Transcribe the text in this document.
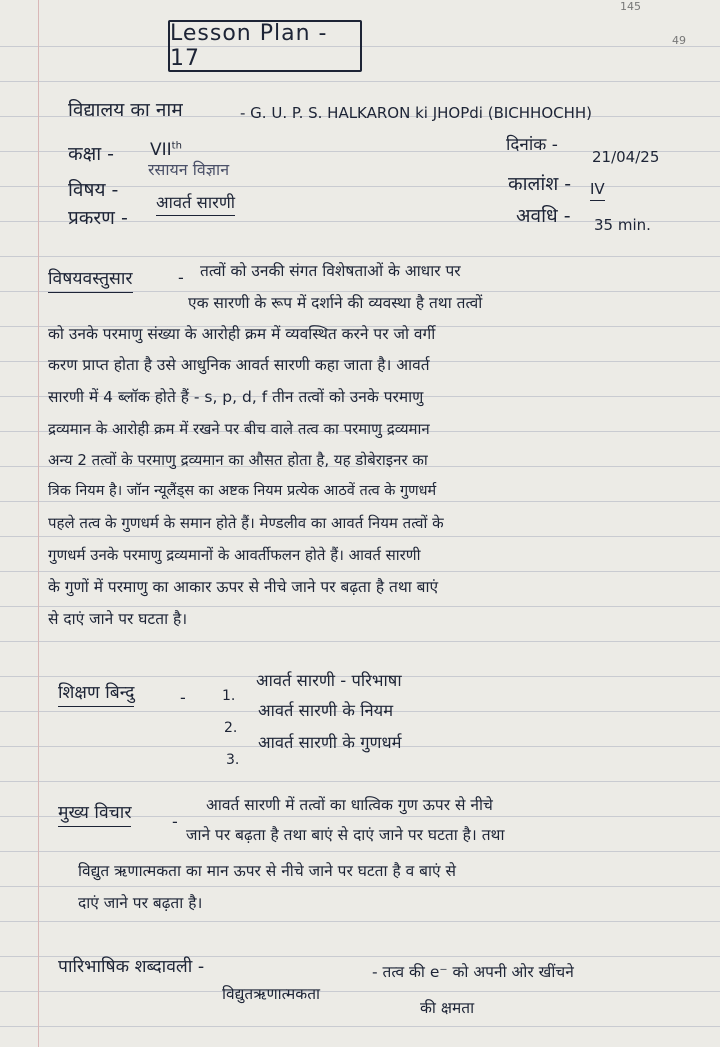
145
49
Lesson Plan - 17
विद्यालय का नाम	- G. U. P. S. HALKARON ki JHOPdi (BICHHOCHH)
कक्षा - VIIth	दिनांक -
21/04/25
विषय -
रसायन विज्ञान
कालांश - IV
प्रकरण -
आवर्त सारणी
अवधि - 35 min.
विषयवस्तुसार	- तत्वों को उनकी संगत विशेषताओं के आधार पर
एक सारणी के रूप में दर्शाने की व्यवस्था है तथा तत्वों
को उनके परमाणु संख्या के आरोही क्रम में व्यवस्थित करने पर जो वर्गी
करण प्राप्त होता है उसे आधुनिक आवर्त सारणी कहा जाता है। आवर्त
सारणी में 4 ब्लॉक होते हैं - s, p, d, f तीन तत्वों को उनके परमाणु
द्रव्यमान के आरोही क्रम में रखने पर बीच वाले तत्व का परमाणु द्रव्यमान
अन्य 2 तत्वों के परमाणु द्रव्यमान का औसत होता है, यह डोबेराइनर का
त्रिक नियम है। जॉन न्यूलैंड्स का अष्टक नियम प्रत्येक आठवें तत्व के गुणधर्म
पहले तत्व के गुणधर्म के समान होते हैं। मेण्डलीव का आवर्त नियम तत्वों के
गुणधर्म उनके परमाणु द्रव्यमानों के आवर्तीफलन होते हैं। आवर्त सारणी
के गुणों में परमाणु का आकार ऊपर से नीचे जाने पर बढ़ता है तथा बाएं
से दाएं जाने पर घटता है।
शिक्षण बिन्दु	-	1.
आवर्त सारणी - परिभाषा
2.
आवर्त सारणी के नियम
3.
आवर्त सारणी के गुणधर्म
मुख्य विचार	-
आवर्त सारणी में तत्वों का धात्विक गुण ऊपर से नीचे
जाने पर बढ़ता है तथा बाएं से दाएं जाने पर घटता है। तथा
विद्युत ऋणात्मकता का मान ऊपर से नीचे जाने पर घटता है व बाएं से
दाएं जाने पर बढ़ता है।
पारिभाषिक शब्दावली -
विद्युतऋणात्मकता
- तत्व की e⁻ को अपनी ओर खींचने
की क्षमता
